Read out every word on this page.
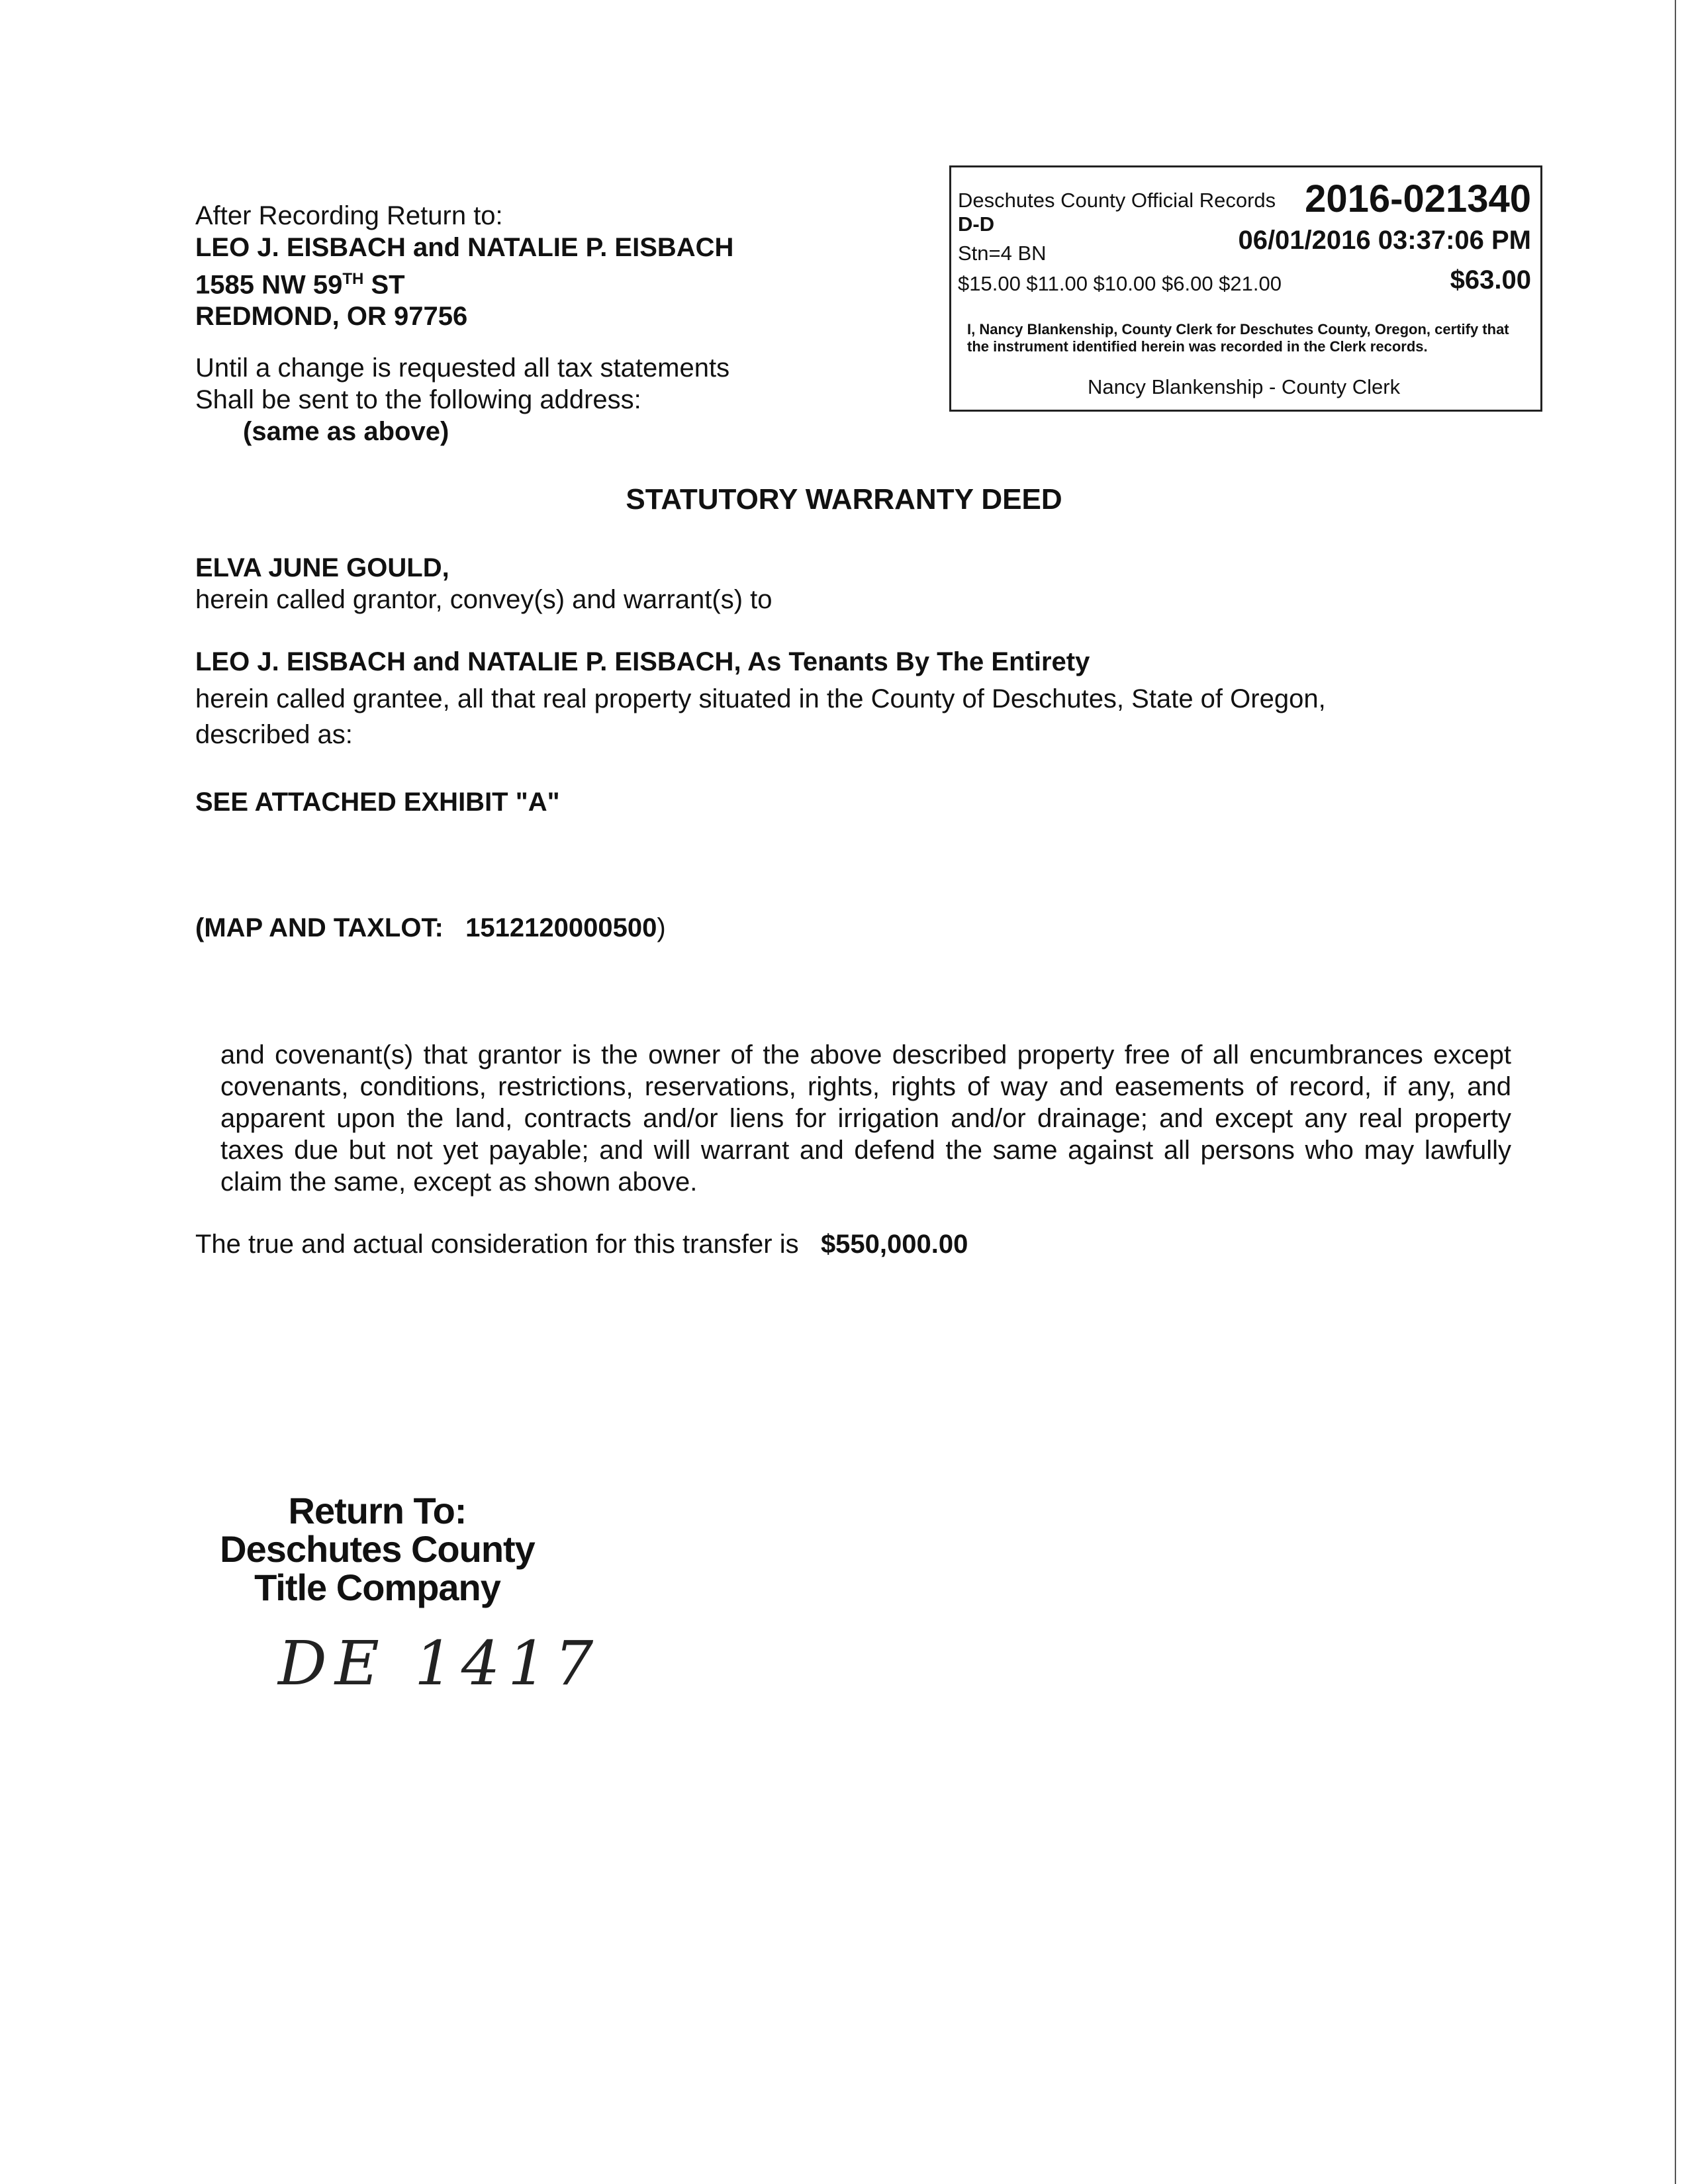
After Recording Return to:
LEO J. EISBACH and NATALIE P. EISBACH
1585 NW 59TH ST
REDMOND, OR 97756
Until a change is requested all tax statements
Shall be sent to the following address:
(same as above)
Deschutes County Official Records 2016-021340
D-D
Stn=4 BN	06/01/2016 03:37:06 PM
$15.00 $11.00 $10.00 $6.00 $21.00	$63.00
I, Nancy Blankenship, County Clerk for Deschutes County, Oregon, certify that the instrument identified herein was recorded in the Clerk records.
Nancy Blankenship - County Clerk
STATUTORY WARRANTY DEED
ELVA JUNE GOULD,
herein called grantor, convey(s) and warrant(s) to
LEO J. EISBACH and NATALIE P. EISBACH, As Tenants By The Entirety
herein called grantee, all that real property situated in the County of Deschutes, State of Oregon,
described as:
SEE ATTACHED EXHIBIT "A"
(MAP AND TAXLOT: 1512120000500)
and covenant(s) that grantor is the owner of the above described property free of all encumbrances except covenants, conditions, restrictions, reservations, rights, rights of way and easements of record, if any, and apparent upon the land, contracts and/or liens for irrigation and/or drainage; and except any real property taxes due but not yet payable; and will warrant and defend the same against all persons who may lawfully claim the same, except as shown above.
The true and actual consideration for this transfer is $550,000.00
Return To:
Deschutes County
Title Company
DE 1417
